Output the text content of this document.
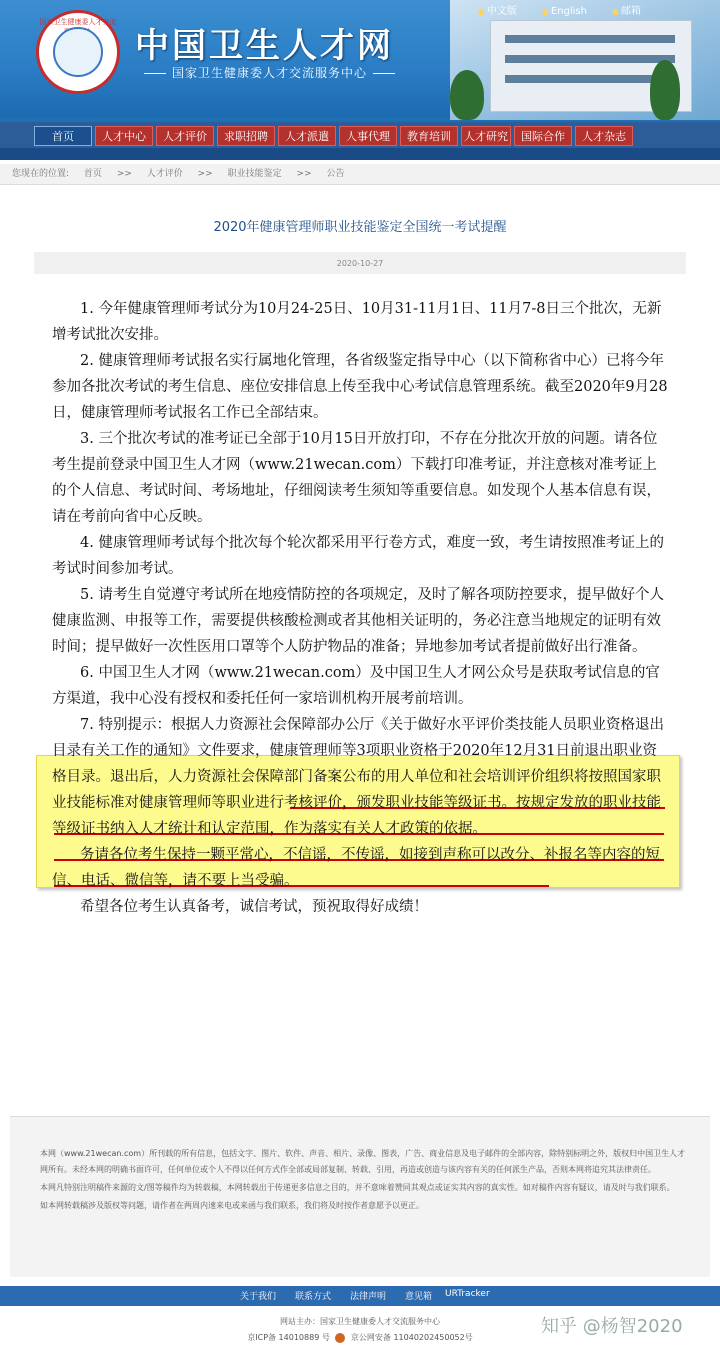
国家卫生健康委人才交流
中国卫生人才网
国家卫生健康委人才交流服务中心
■ 中文版	■ English	■ 邮箱
首页	人才中心	人才评价	求职招聘	人才派遣	人事代理	教育培训	人才研究	国际合作	人才杂志
您现在的位置: 首页 >> 人才评价 >> 职业技能鉴定 >> 公告
2020年健康管理师职业技能鉴定全国统一考试提醒
2020-10-27

1. 今年健康管理师考试分为10月24-25日、10月31-11月1日、11月7-8日三个批次，无新增考试批次安排。

2. 健康管理师考试报名实行属地化管理，各省级鉴定指导中心（以下简称省中心）已将今年参加各批次考试的考生信息、座位安排信息上传至我中心考试信息管理系统。截至2020年9月28日，健康管理师考试报名工作已全部结束。

3. 三个批次考试的准考证已全部于10月15日开放打印，不存在分批次开放的问题。请各位考生提前登录中国卫生人才网（www.21wecan.com）下载打印准考证，并注意核对准考证上的个人信息、考试时间、考场地址，仔细阅读考生须知等重要信息。如发现个人基本信息有误，请在考前向省中心反映。

4. 健康管理师考试每个批次每个轮次都采用平行卷方式，难度一致，考生请按照准考证上的考试时间参加考试。

5. 请考生自觉遵守考试所在地疫情防控的各项规定，及时了解各项防控要求，提早做好个人健康监测、申报等工作，需要提供核酸检测或者其他相关证明的，务必注意当地规定的证明有效时间；提早做好一次性医用口罩等个人防护物品的准备；异地参加考试者提前做好出行准备。

6. 中国卫生人才网（www.21wecan.com）及中国卫生人才网公众号是获取考试信息的官方渠道，我中心没有授权和委托任何一家培训机构开展考前培训。

7. 特别提示：根据人力资源社会保障部办公厅《关于做好水平评价类技能人员职业资格退出目录有关工作的通知》文件要求，健康管理师等3项职业资格于2020年12月31日前退出职业资格目录。退出后，人力资源社会保障部门备案公布的用人单位和社会培训评价组织将按照国家职业技能标准对健康管理师等职业进行考核评价，颁发职业技能等级证书。按规定发放的职业技能等级证书纳入人才统计和认定范围，作为落实有关人才政策的依据。

务请各位考生保持一颗平常心，不信谣，不传谣，如接到声称可以改分、补报名等内容的短信、电话、微信等，请不要上当受骗。

希望各位考生认真备考，诚信考试，预祝取得好成绩！

本网（www.21wecan.com）所刊载的所有信息，包括文字、图片、软件、声音、相片、录像、图表，广告、商业信息及电子邮件的全部内容，除特别标明之外，版权归中国卫生人才网所有。未经本网的明确书面许可，任何单位或个人不得以任何方式作全部或局部复制、转载、引用，再造或创造与该内容有关的任何派生产品，否则本网将追究其法律责任。

本网凡特别注明稿件来源的文/图等稿件均为转载稿，本网转载出于传递更多信息之目的，并不意味着赞同其观点或证实其内容的真实性。如对稿件内容有疑议，请及时与我们联系。

如本网转载稿涉及版权等问题，请作者在两周内速来电或来函与我们联系，我们将及时按作者意愿予以更正。

关于我们 联系方式 法律声明 意见箱 URTracker
网站主办：国家卫生健康委人才交流服务中心
京ICP备 14010889 号	京公网安备 11040202450052号
知乎 @杨智2020
